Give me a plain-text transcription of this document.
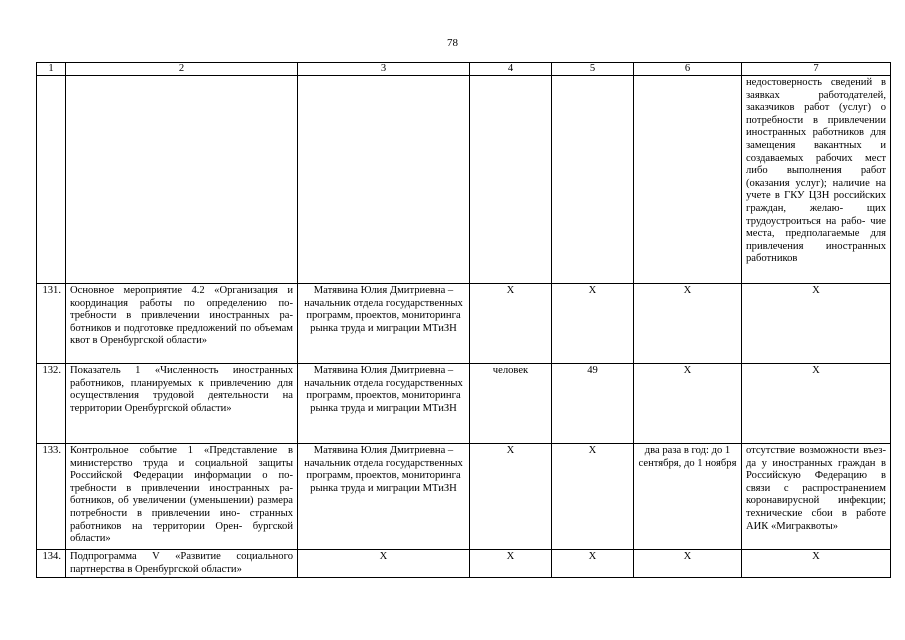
78
1	2	3	4	5	6	7
						недостоверность сведений в заявках работодателей, заказчиков работ (услуг) о потребности в привлечении иностранных работников для замещения вакантных и создаваемых рабочих мест либо выполнения работ (оказания услуг); наличие на учете в ГКУ ЦЗН российских граждан, желаю- щих трудоустроиться на рабо- чие места, предполагаемые для привлечения иностранных работников
131.	Основное мероприятие 4.2 «Организация и координация работы по определению по- требности в привлечении иностранных ра- ботников и подготовке предложений по объемам квот в Оренбургской области»	Матявина Юлия Дмитриевна – начальник отдела государственных программ, проектов, мониторинга рынка труда и миграции МТиЗН	Х	Х	Х	Х
132.	Показатель 1 «Численность иностранных работников, планируемых к привлечению для осуществления трудовой деятельности на территории Оренбургской области»	Матявина Юлия Дмитриевна – начальник отдела государственных программ, проектов, мониторинга рынка труда и миграции МТиЗН	человек	49	Х	Х
133.	Контрольное событие 1 «Представление в министерство труда и социальной защиты Российской Федерации информации о по- требности в привлечении иностранных ра- ботников, об увеличении (уменьшении) размера потребности в привлечении ино- странных работников на территории Орен- бургской области»	Матявина Юлия Дмитриевна – начальник отдела государственных программ, проектов, мониторинга рынка труда и миграции МТиЗН	Х	Х	два раза в год: до 1 сентября, до 1 ноября	отсутствие возможности въез- да у иностранных граждан в Российскую Федерацию в связи с распространением коронавирусной инфекции; технические сбои в работе АИК «Миграквоты»
134.	Подпрограмма V «Развитие социального партнерства в Оренбургской области»	Х	Х	Х	Х	Х
